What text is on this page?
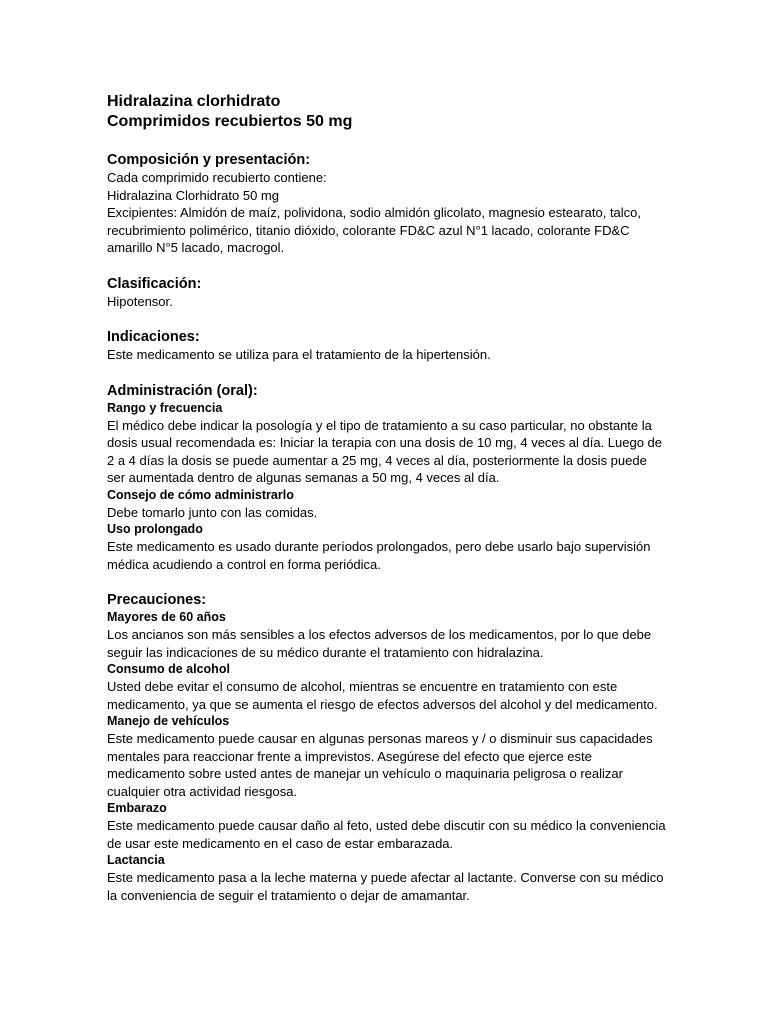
Hidralazina clorhidrato

Comprimidos recubiertos 50 mg

Composición y presentación:

Cada comprimido recubierto contiene:

Hidralazina Clorhidrato 50 mg

Excipientes: Almidón de maíz, polividona, sodio almidón glicolato, magnesio estearato, talco, recubrimiento polimérico, titanio dióxido, colorante FD&C azul N°1 lacado, colorante FD&C amarillo N°5 lacado, macrogol.

Clasificación:

Hipotensor.

Indicaciones:

Este medicamento se utiliza para el tratamiento de la hipertensión.

Administración (oral):

Rango y frecuencia

El médico debe indicar la posología y el tipo de tratamiento a su caso particular, no obstante la dosis usual recomendada es: Iniciar la terapia con una dosis de 10 mg, 4 veces al día. Luego de 2 a 4 días la dosis se puede aumentar a 25 mg, 4 veces al día, posteriormente la dosis puede ser aumentada dentro de algunas semanas a 50 mg, 4 veces al día.

Consejo de cómo administrarlo

Debe tomarlo junto con las comidas.

Uso prolongado

Este medicamento es usado durante períodos prolongados, pero debe usarlo bajo supervisión médica acudiendo a control en forma periódica.

Precauciones:

Mayores de 60 años

Los ancianos son más sensibles a los efectos adversos de los medicamentos, por lo que debe seguir las indicaciones de su médico durante el tratamiento con hidralazina.

Consumo de alcohol

Usted debe evitar el consumo de alcohol, mientras se encuentre en tratamiento con este medicamento, ya que se aumenta el riesgo de efectos adversos del alcohol y del medicamento.

Manejo de vehículos

Este medicamento puede causar en algunas personas mareos y / o disminuir sus capacidades mentales para reaccionar frente a imprevistos. Asegúrese del efecto que ejerce este medicamento sobre usted antes de manejar un vehículo o maquinaria peligrosa o realizar cualquier otra actividad riesgosa.

Embarazo

Este medicamento puede causar daño al feto, usted debe discutir con su médico la conveniencia de usar este medicamento en el caso de estar embarazada.

Lactancia

Este medicamento pasa a la leche materna y puede afectar al lactante. Converse con su médico la conveniencia de seguir el tratamiento o dejar de amamantar.
